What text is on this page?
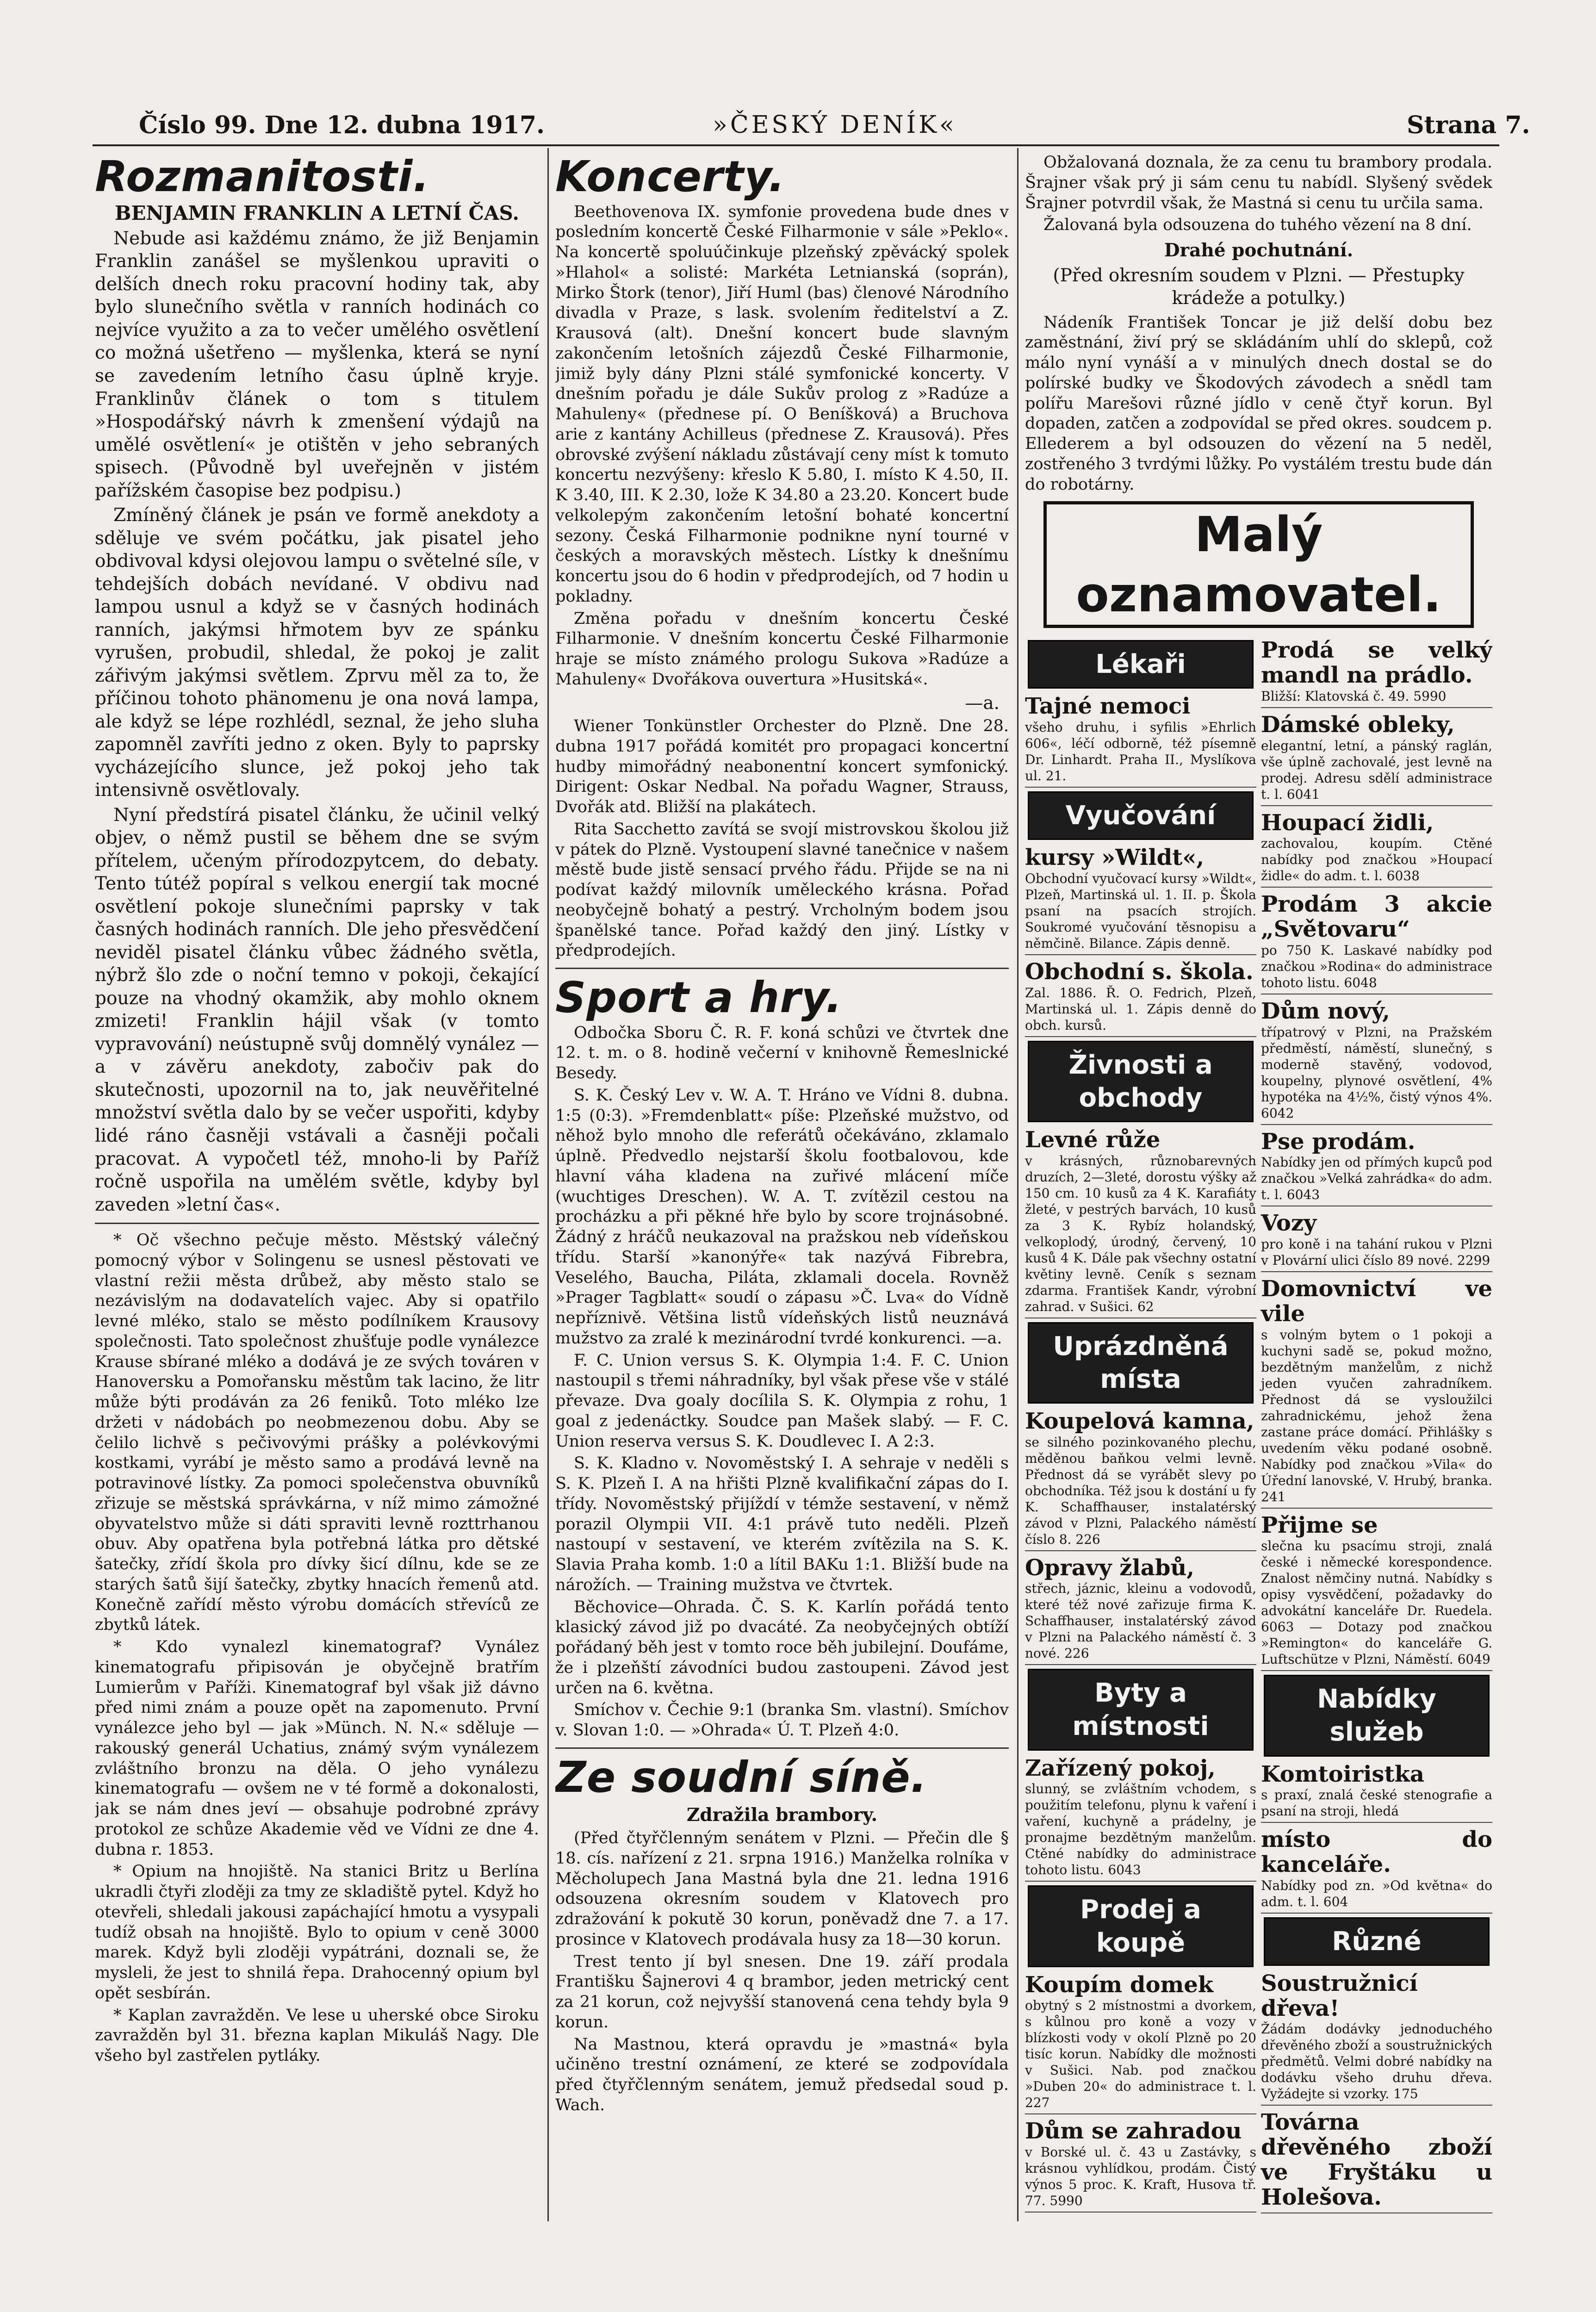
Číslo 99. Dne 12. dubna 1917.	»ČESKÝ DENÍK«	Strana 7.
Rozmanitosti.
BENJAMIN FRANKLIN A LETNÍ ČAS.

Nebude asi každému známo, že již Benjamin Franklin zanášel se myšlenkou upraviti o delších dnech roku pracovní hodiny tak, aby bylo slunečního světla v ranních hodinách co nejvíce využito a za to večer umělého osvětlení co možná ušetřeno — myšlenka, která se nyní se zavedením letního času úplně kryje. Franklinův článek o tom s titulem »Hospodářský návrh k zmenšení výdajů na umělé osvětlení« je otištěn v jeho sebraných spisech. (Původně byl uveřejněn v jistém pařížském časopise bez podpisu.)

Zmíněný článek je psán ve formě anekdoty a sděluje ve svém počátku, jak pisatel jeho obdivoval kdysi olejovou lampu o světelné síle, v tehdejších dobách nevídané. V obdivu nad lampou usnul a když se v časných hodinách ranních, jakýmsi hřmotem byv ze spánku vyrušen, probudil, shledal, že pokoj je zalit zářivým jakýmsi světlem. Zprvu měl za to, že příčinou tohoto phänomenu je ona nová lampa, ale když se lépe rozhlédl, seznal, že jeho sluha zapomněl zavříti jedno z oken. Byly to paprsky vycházejícího slunce, jež pokoj jeho tak intensivně osvětlovaly.

Nyní předstírá pisatel článku, že učinil velký objev, o němž pustil se během dne se svým přítelem, učeným přírodozpytcem, do debaty. Tento tútéž popíral s velkou energií tak mocné osvětlení pokoje slunečními paprsky v tak časných hodinách ranních. Dle jeho přesvědčení neviděl pisatel článku vůbec žádného světla, nýbrž šlo zde o noční temno v pokoji, čekající pouze na vhodný okamžik, aby mohlo oknem zmizeti! Franklin hájil však (v tomto vypravování) neústupně svůj domnělý vynález — a v závěru anekdoty, zabočiv pak do skutečnosti, upozornil na to, jak neuvěřitelné množství světla dalo by se večer uspořiti, kdyby lidé ráno časněji vstávali a časněji počali pracovat. A vypočetl též, mnoho-li by Paříž ročně uspořila na umělém světle, kdyby byl zaveden »letní čas«.

* Oč všechno pečuje město. Městský válečný pomocný výbor v Solingenu se usnesl pěstovati ve vlastní režii města drůbež, aby město stalo se nezávislým na dodavatelích vajec. Aby si opatřilo levné mléko, stalo se město podílníkem Krausovy společnosti. Tato společnost zhušťuje podle vynálezce Krause sbírané mléko a dodává je ze svých továren v Hanoversku a Pomořansku městům tak lacino, že litr může býti prodáván za 26 feniků. Toto mléko lze držeti v nádobách po neobmezenou dobu. Aby se čelilo lichvě s pečivovými prášky a polévkovými kostkami, vyrábí je město samo a prodává levně na potravinové lístky. Za pomoci společenstva obuvníků zřizuje se městská správkárna, v níž mimo zámožné obyvatelstvo může si dáti spraviti levně rozttrhanou obuv. Aby opatřena byla potřebná látka pro dětské šatečky, zřídí škola pro dívky šicí dílnu, kde se ze starých šatů šijí šatečky, zbytky hnacích řemenů atd. Konečně zařídí město výrobu domácích střevíců ze zbytků látek.

* Kdo vynalezl kinematograf? Vynález kinematografu připisován je obyčejně bratřím Lumierům v Paříži. Kinematograf byl však již dávno před nimi znám a pouze opět na zapomenuto. První vynálezce jeho byl — jak »Münch. N. N.« sděluje — rakouský generál Uchatius, známý svým vynálezem zvláštního bronzu na děla. O jeho vynálezu kinematografu — ovšem ne v té formě a dokonalosti, jak se nám dnes jeví — obsahuje podrobné zprávy protokol ze schůze Akademie věd ve Vídni ze dne 4. dubna r. 1853.

* Opium na hnojiště. Na stanici Britz u Berlína ukradli čtyři zloději za tmy ze skladiště pytel. Když ho otevřeli, shledali jakousi zapáchající hmotu a vysypali tudíž obsah na hnojiště. Bylo to opium v ceně 3000 marek. Když byli zloději vypátráni, doznali se, že mysleli, že jest to shnilá řepa. Drahocenný opium byl opět sesbírán.

* Kaplan zavražděn. Ve lese u uherské obce Siroku zavražděn byl 31. března kaplan Mikuláš Nagy. Dle všeho byl zastřelen pytláky.

Koncerty.

Beethovenova IX. symfonie provedena bude dnes v posledním koncertě České Filharmonie v sále »Peklo«. Na koncertě spoluúčinkuje plzeňský zpěvácký spolek »Hlahol« a solisté: Markéta Letnianská (soprán), Mirko Štork (tenor), Jiří Huml (bas) členové Národního divadla v Praze, s lask. svolením ředitelství a Z. Krausová (alt). Dnešní koncert bude slavným zakončením letošních zájezdů České Filharmonie, jimiž byly dány Plzni stálé symfonické koncerty. V dnešním pořadu je dále Sukův prolog z »Radúze a Mahuleny« (přednese pí. O Beníšková) a Bruchova arie z kantány Achilleus (přednese Z. Krausová). Přes obrovské zvýšení nákladu zůstávají ceny míst k tomuto koncertu nezvýšeny: křeslo K 5.80, I. místo K 4.50, II. K 3.40, III. K 2.30, lože K 34.80 a 23.20. Koncert bude velkolepým zakončením letošní bohaté koncertní sezony. Česká Filharmonie podnikne nyní tourné v českých a moravských městech. Lístky k dnešnímu koncertu jsou do 6 hodin v předprodejích, od 7 hodin u pokladny.

Změna pořadu v dnešním koncertu České Filharmonie. V dnešním koncertu České Filharmonie hraje se místo známého prologu Sukova »Radúze a Mahuleny« Dvořákova ouvertura »Husitská«.

—a.

Wiener Tonkünstler Orchester do Plzně. Dne 28. dubna 1917 pořádá komitét pro propagaci koncertní hudby mimořádný neabonentní koncert symfonický. Dirigent: Oskar Nedbal. Na pořadu Wagner, Strauss, Dvořák atd. Bližší na plakátech.

Rita Sacchetto zavítá se svojí mistrovskou školou již v pátek do Plzně. Vystoupení slavné tanečnice v našem městě bude jistě sensací prvého řádu. Přijde se na ni podívat každý milovník uměleckého krásna. Pořad neobyčejně bohatý a pestrý. Vrcholným bodem jsou španělské tance. Pořad každý den jiný. Lístky v předprodejích.

Sport a hry.

Odbočka Sboru Č. R. F. koná schůzi ve čtvrtek dne 12. t. m. o 8. hodině večerní v knihovně Řemeslnické Besedy.

S. K. Český Lev v. W. A. T. Hráno ve Vídni 8. dubna. 1:5 (0:3). »Fremdenblatt« píše: Plzeňské mužstvo, od něhož bylo mnoho dle referátů očekáváno, zklamalo úplně. Předvedlo nejstarší školu footbalovou, kde hlavní váha kladena na zuřivé mlácení míče (wuchtiges Dreschen). W. A. T. zvítězil cestou na procházku a při pěkné hře bylo by score trojnásobné. Žádný z hráčů neukazoval na pražskou neb vídeňskou třídu. Starší »kanonýře« tak nazývá Fibrebra, Veselého, Baucha, Piláta, zklamali docela. Rovněž »Prager Tagblatt« soudí o zápasu »Č. Lva« do Vídně nepříznivě. Většina listů vídeňských listů neuznává mužstvo za zralé k mezinárodní tvrdé konkurenci. —a.

F. C. Union versus S. K. Olympia 1:4. F. C. Union nastoupil s třemi náhradníky, byl však přese vše v stálé převaze. Dva goaly docílila S. K. Olympia z rohu, 1 goal z jedenáctky. Soudce pan Mašek slabý. — F. C. Union reserva versus S. K. Doudlevec I. A 2:3.

S. K. Kladno v. Novoměstský I. A sehraje v neděli s S. K. Plzeň I. A na hřišti Plzně kvalifikační zápas do I. třídy. Novoměstský přijíždí v témže sestavení, v němž porazil Olympii VII. 4:1 právě tuto neděli. Plzeň nastoupí v sestavení, ve kterém zvítězila na S. K. Slavia Praha komb. 1:0 a lítil BAKu 1:1. Bližší bude na nárožích. — Training mužstva ve čtvrtek.

Běchovice—Ohrada. Č. S. K. Karlín pořádá tento klasický závod již po dvacáté. Za neobyčejných obtíží pořádaný běh jest v tomto roce běh jubilejní. Doufáme, že i plzeňští závodníci budou zastoupeni. Závod jest určen na 6. května.

Smíchov v. Čechie 9:1 (branka Sm. vlastní). Smíchov v. Slovan 1:0. — »Ohrada« Ú. T. Plzeň 4:0.

Ze soudní síně.
Zdražila brambory.

(Před čtyřčlenným senátem v Plzni. — Přečin dle § 18. cís. nařízení z 21. srpna 1916.) Manželka rolníka v Měcholupech Jana Mastná byla dne 21. ledna 1916 odsouzena okresním soudem v Klatovech pro zdražování k pokutě 30 korun, poněvadž dne 7. a 17. prosince v Klatovech prodávala husy za 18—30 korun.

Trest tento jí byl snesen. Dne 19. září prodala Františku Šajnerovi 4 q brambor, jeden metrický cent za 21 korun, což nejvyšší stanovená cena tehdy byla 9 korun.

Na Mastnou, která opravdu je »mastná« byla učiněno trestní oznámení, ze které se zodpovídala před čtyřčlenným senátem, jemuž předsedal soud p. Wach.

Obžalovaná doznala, že za cenu tu brambory prodala. Šrajner však prý ji sám cenu tu nabídl. Slyšený svědek Šrajner potvrdil však, že Mastná si cenu tu určila sama.

Žalovaná byla odsouzena do tuhého vězení na 8 dní.

Drahé pochutnání.
(Před okresním soudem v Plzni. — Přestupky krádeže a potulky.)

Nádeník František Toncar je již delší dobu bez zaměstnání, živí prý se skládáním uhlí do sklepů, což málo nyní vynáší a v minulých dnech dostal se do polírské budky ve Škodových závodech a snědl tam polířu Marešovi různé jídlo v ceně čtyř korun. Byl dopaden, zatčen a zodpovídal se před okres. soudcem p. Ellederem a byl odsouzen do vězení na 5 neděl, zostřeného 3 tvrdými lůžky. Po vystálém trestu bude dán do robotárny.

Malý oznamovatel.
Lékaři
Tajné nemoci
všeho druhu, i syfilis »Ehrlich 606«, léčí odborně, též písemně Dr. Linhardt. Praha II., Myslíkova ul. 21.
Vyučování
kursy »Wildt«,
Obchodní vyučovací kursy »Wildt«, Plzeň, Martinská ul. 1. II. p. Škola psaní na psacích strojích. Soukromé vyučování těsnopisu a němčině. Bilance. Zápis denně.
Obchodní s. škola.
Zal. 1886. Ř. O. Fedrich, Plzeň, Martinská ul. 1. Zápis denně do obch. kursů.
Živnosti a obchody
Levné růže
v krásných, různobarevných druzích, 2—3leté, dorostu výšky až 150 cm. 10 kusů za 4 K. Karafiáty žleté, v pestrých barvách, 10 kusů za 3 K. Rybíz holandský, velkoplodý, úrodný, červený, 10 kusů 4 K. Dále pak všechny ostatní květiny levně. Ceník s seznam zdarma. František Kandr, výrobní zahrad. v Sušici. 62
Uprázdněná místa
Koupelová kamna,
se silného pozinkovaného plechu, měděnou baňkou velmi levně. Přednost dá se vyrábět slevy po obchodníka. Též jsou k dostání u fy K. Schaffhauser, instalatérský závod v Plzni, Palackého náměstí číslo 8. 226
Opravy žlabů,
střech, jáznic, kleinu a vodovodů, které též nové zařizuje firma K. Schaffhauser, instalatérský závod v Plzni na Palackého náměstí č. 3 nové. 226
Byty a místnosti
Zařízený pokoj,
slunný, se zvláštním vchodem, s použitím telefonu, plynu k vaření i vaření, kuchyně a prádelny, je pronajme bezdětným manželům. Ctěné nabídky do administrace tohoto listu. 6043
Prodej a koupě
Koupím domek
obytný s 2 místnostmi a dvorkem, s kůlnou pro koně a vozy v blízkosti vody v okolí Plzně po 20 tisíc korun. Nabídky dle možnosti v Sušici. Nab. pod značkou »Duben 20« do administrace t. l. 227
Dům se zahradou
v Borské ul. č. 43 u Zastávky, s krásnou vyhlídkou, prodám. Čistý výnos 5 proc. K. Kraft, Husova tř. 77. 5990
Prodá se velký mandl na prádlo.
Bližší: Klatovská č. 49. 5990
Dámské obleky,
elegantní, letní, a pánský raglán, vše úplně zachovalé, jest levně na prodej. Adresu sdělí administrace t. l. 6041
Houpací židli,
zachovalou, koupím. Ctěné nabídky pod značkou »Houpací židle« do adm. t. l. 6038
Prodám 3 akcie „Světovaru“
po 750 K. Laskavé nabídky pod značkou »Rodina« do administrace tohoto listu. 6048
Dům nový,
třípatrový v Plzni, na Pražském předměstí, náměstí, slunečný, s moderně stavěný, vodovod, koupelny, plynové osvětlení, 4% hypotéka na 4½%, čistý výnos 4%. 6042
Pse prodám.
Nabídky jen od přímých kupců pod značkou »Velká zahrádka« do adm. t. l. 6043
Vozy
pro koně i na tahání rukou v Plzni v Plovární ulici číslo 89 nové. 2299
Domovnictví ve vile
s volným bytem o 1 pokoji a kuchyni sadě se, pokud možno, bezdětným manželům, z nichž jeden vyučen zahradníkem. Přednost dá se vysloužilci zahradnickému, jehož žena zastane práce domácí. Přihlášky s uvedením věku podané osobně. Nabídky pod značkou »Vila« do Úřední lanovské, V. Hrubý, branka. 241
Přijme se
slečna ku psacímu stroji, znalá české i německé korespondence. Znalost němčiny nutná. Nabídky s opisy vysvědčení, požadavky do advokátní kanceláře Dr. Ruedela. 6063 — Dotazy pod značkou »Remington« do kanceláře G. Luftschütze v Plzni, Náměstí. 6049
Nabídky služeb
Komtoiristka
s praxí, znalá české stenografie a psaní na stroji, hledá
místo do kanceláře.
Nabídky pod zn. »Od května« do adm. t. l. 604
Různé
Soustružnicí dřeva!
Žádám dodávky jednoduchého dřevěného zboží a soustružnických předmětů. Velmi dobré nabídky na dodávku všeho druhu dřeva. Vyžádejte si vzorky. 175
Továrna dřevěného zboží ve Fryštáku u Holešova.
